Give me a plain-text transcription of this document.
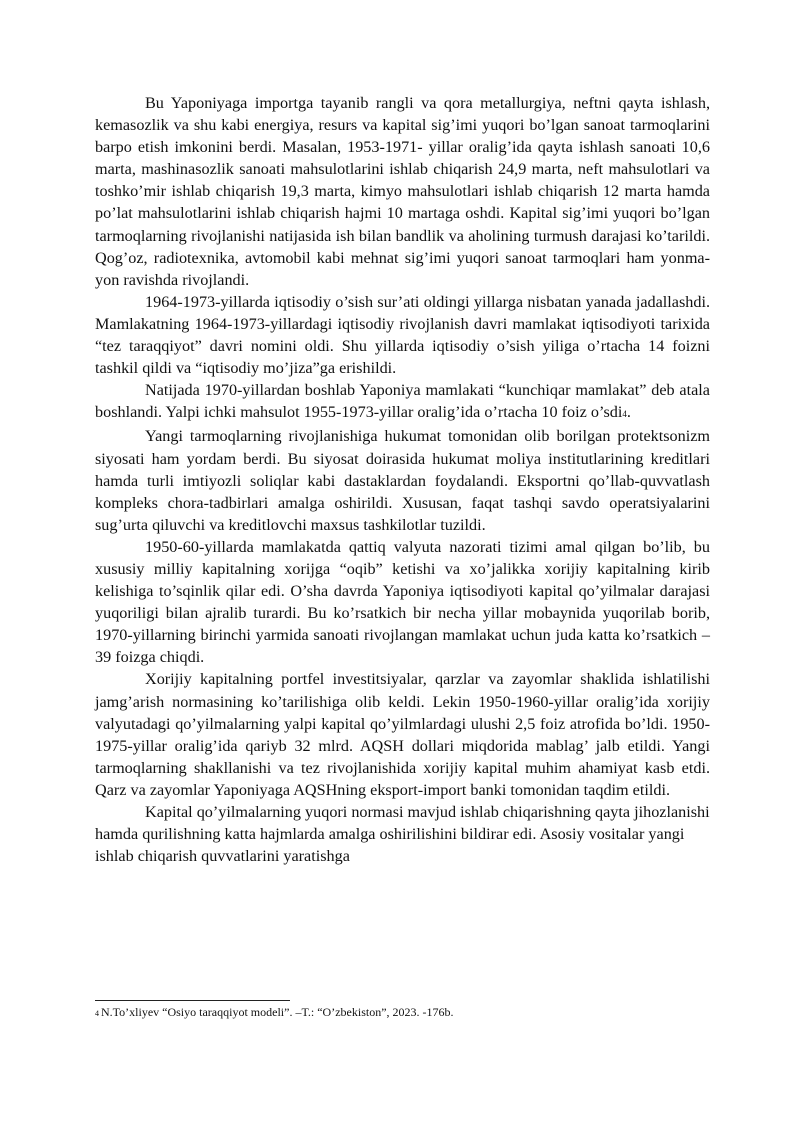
Bu Yaponiyaga importga tayanib rangli va qora metallurgiya, neftni qayta ishlash, kemasozlik va shu kabi energiya, resurs va kapital sig’imi yuqori bo’lgan sanoat tarmoqlarini barpo etish imkonini berdi. Masalan, 1953-1971- yillar oralig’ida qayta ishlash sanoati 10,6 marta, mashinasozlik sanoati mahsulotlarini ishlab chiqarish 24,9 marta, neft mahsulotlari va toshko’mir ishlab chiqarish 19,3 marta, kimyo mahsulotlari ishlab chiqarish 12 marta hamda po’lat mahsulotlarini ishlab chiqarish hajmi 10 martaga oshdi. Kapital sig’imi yuqori bo’lgan tarmoqlarning rivojlanishi natijasida ish bilan bandlik va aholining turmush darajasi ko’tarildi. Qog’oz, radiotexnika, avtomobil kabi mehnat sig’imi yuqori sanoat tarmoqlari ham yonma-yon ravishda rivojlandi.

1964-1973-yillarda iqtisodiy o’sish sur’ati oldingi yillarga nisbatan yanada jadallashdi. Mamlakatning 1964-1973-yillardagi iqtisodiy rivojlanish davri mamlakat iqtisodiyoti tarixida “tez taraqqiyot” davri nomini oldi. Shu yillarda iqtisodiy o’sish yiliga o’rtacha 14 foizni tashkil qildi va “iqtisodiy mo’jiza”ga erishildi.

Natijada 1970-yillardan boshlab Yaponiya mamlakati “kunchiqar mamlakat” deb atala boshlandi. Yalpi ichki mahsulot 1955-1973-yillar oralig’ida o’rtacha 10 foiz o’sdi4.

Yangi tarmoqlarning rivojlanishiga hukumat tomonidan olib borilgan protektsonizm siyosati ham yordam berdi. Bu siyosat doirasida hukumat moliya institutlarining kreditlari hamda turli imtiyozli soliqlar kabi dastaklardan foydalandi. Eksportni qo’llab-quvvatlash kompleks chora-tadbirlari amalga oshirildi. Xususan, faqat tashqi savdo operatsiyalarini sug’urta qiluvchi va kreditlovchi maxsus tashkilotlar tuzildi.

1950-60-yillarda mamlakatda qattiq valyuta nazorati tizimi amal qilgan bo’lib, bu xususiy milliy kapitalning xorijga “oqib” ketishi va xo’jalikka xorijiy kapitalning kirib kelishiga to’sqinlik qilar edi. O’sha davrda Yaponiya iqtisodiyoti kapital qo’yilmalar darajasi yuqoriligi bilan ajralib turardi. Bu ko’rsatkich bir necha yillar mobaynida yuqorilab borib, 1970-yillarning birinchi yarmida sanoati rivojlangan mamlakat uchun juda katta ko’rsatkich – 39 foizga chiqdi.

Xorijiy kapitalning portfel investitsiyalar, qarzlar va zayomlar shaklida ishlatilishi jamg’arish normasining ko’tarilishiga olib keldi. Lekin 1950-1960-yillar oralig’ida xorijiy valyutadagi qo’yilmalarning yalpi kapital qo’yilmlardagi ulushi 2,5 foiz atrofida bo’ldi. 1950-1975-yillar oralig’ida qariyb 32 mlrd. AQSH dollari miqdorida mablag’ jalb etildi. Yangi tarmoqlarning shakllanishi va tez rivojlanishida xorijiy kapital muhim ahamiyat kasb etdi. Qarz va zayomlar Yaponiyaga AQSHning eksport-import banki tomonidan taqdim etildi.

Kapital qo’yilmalarning yuqori normasi mavjud ishlab chiqarishning qayta jihozlanishi hamda qurilishning katta hajmlarda amalga oshirilishini bildirar edi. Asosiy vositalar yangi ishlab chiqarish quvvatlarini yaratishga

4 N.To’xliyev “Osiyo taraqqiyot modeli”. –T.: “O’zbekiston”, 2023. -176b.
